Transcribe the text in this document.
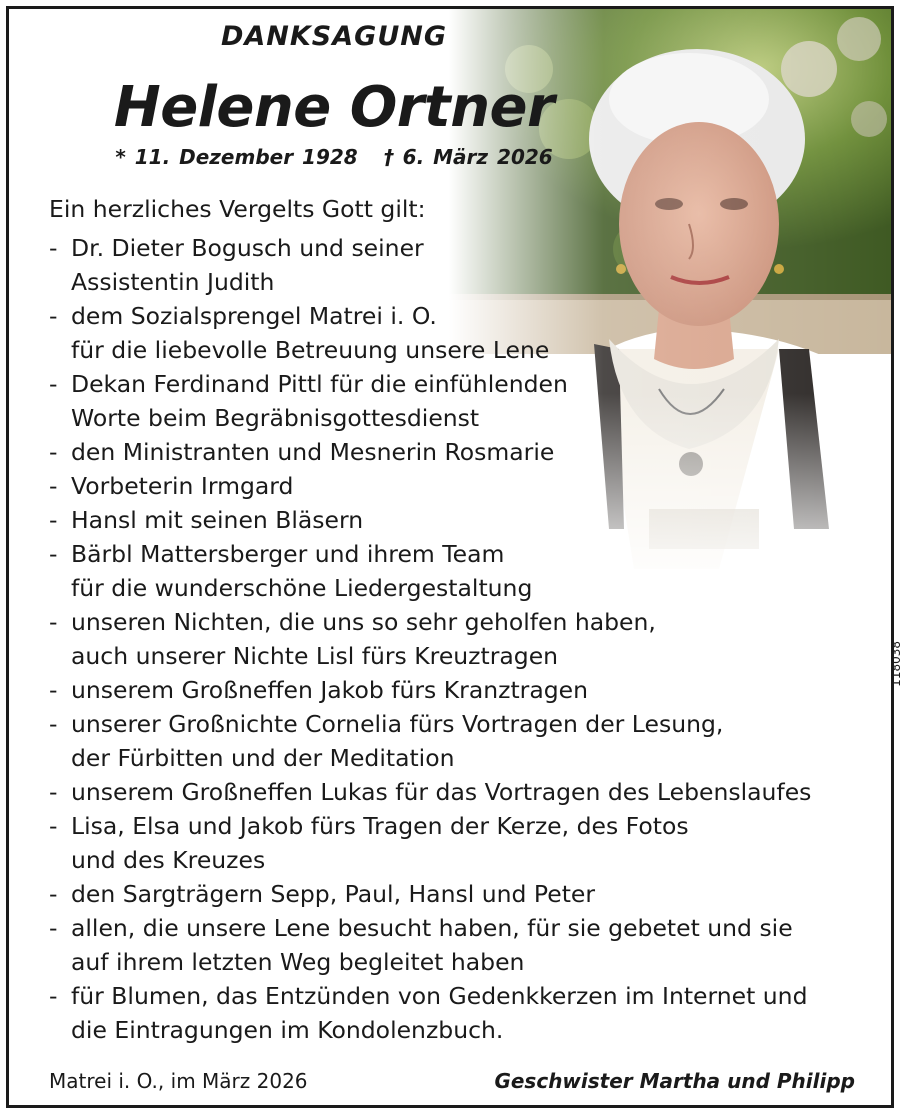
DANKSAGUNG
Helene Ortner
* 11. Dezember 1928 † 6. März 2026

Ein herzliches Vergelts Gott gilt:

- Dr. Dieter Bogusch und seiner
Assistentin Judith
- dem Sozialsprengel Matrei i. O.
für die liebevolle Betreuung unsere Lene
- Dekan Ferdinand Pittl für die einfühlenden
Worte beim Begräbnisgottesdienst
- den Ministranten und Mesnerin Rosmarie
- Vorbeterin Irmgard
- Hansl mit seinen Bläsern
- Bärbl Mattersberger und ihrem Team
für die wunderschöne Liedergestaltung
- unseren Nichten, die uns so sehr geholfen haben,
auch unserer Nichte Lisl fürs Kreuztragen
- unserem Großneffen Jakob fürs Kranztragen
- unserer Großnichte Cornelia fürs Vortragen der Lesung,
der Fürbitten und der Meditation
- unserem Großneffen Lukas für das Vortragen des Lebenslaufes
- Lisa, Elsa und Jakob fürs Tragen der Kerze, des Fotos
und des Kreuzes
- den Sargträgern Sepp, Paul, Hansl und Peter
- allen, die unsere Lene besucht haben, für sie gebetet und sie
auf ihrem letzten Weg begleitet haben
- für Blumen, das Entzünden von Gedenkkerzen im Internet und
die Eintragungen im Kondolenzbuch.
118038
Matrei i. O., im März 2026	Geschwister Martha und Philipp
